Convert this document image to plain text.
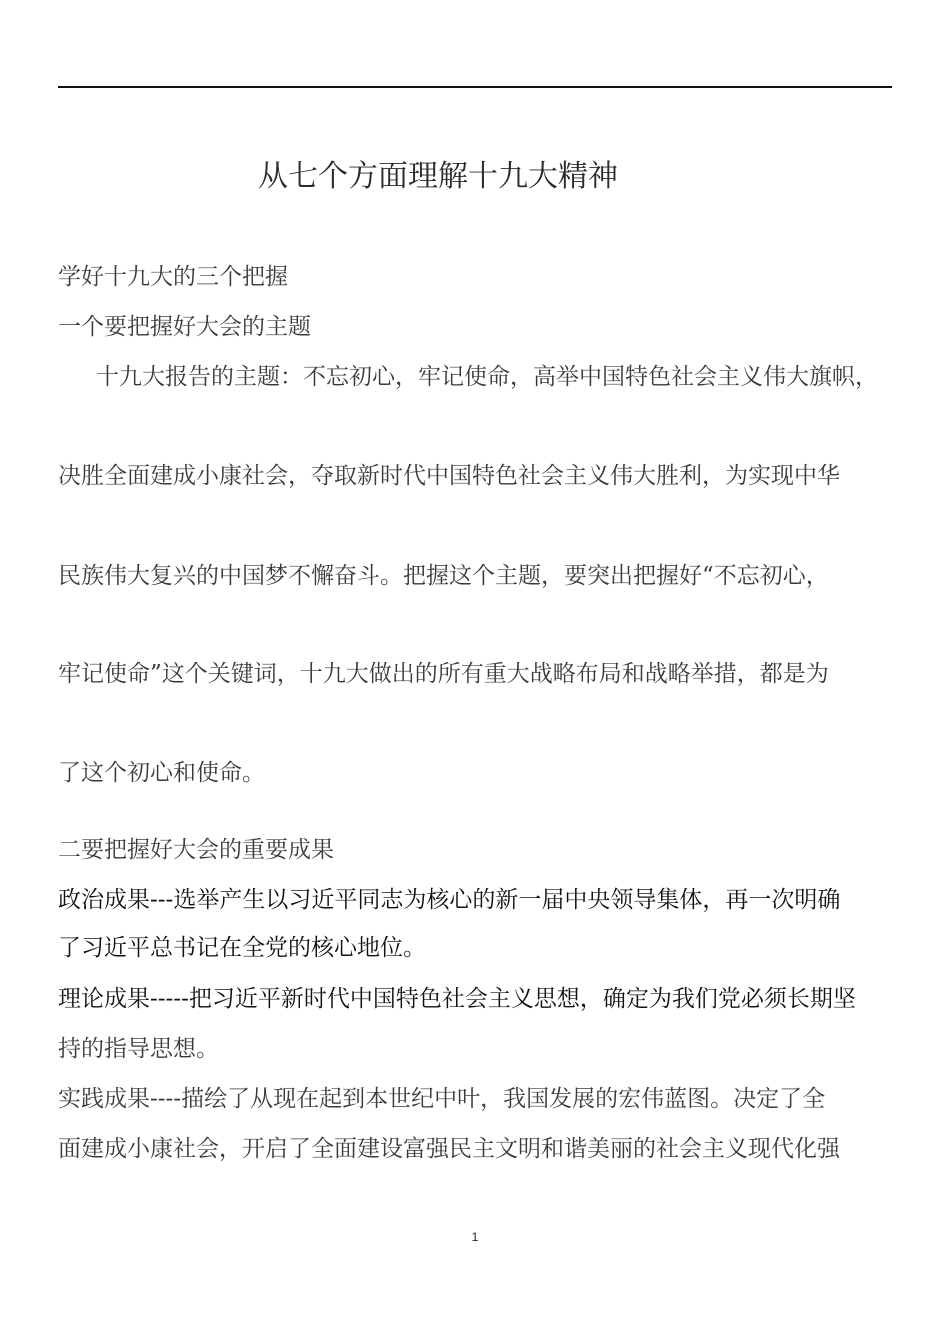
从七个方面理解十九大精神
学好十九大的三个把握
一个要把握好大会的主题
十九大报告的主题：不忘初心，牢记使命，高举中国特色社会主义伟大旗帜，
决胜全面建成小康社会，夺取新时代中国特色社会主义伟大胜利，为实现中华
民族伟大复兴的中国梦不懈奋斗。把握这个主题，要突出把握好“不忘初心，
牢记使命”这个关键词，十九大做出的所有重大战略布局和战略举措，都是为
了这个初心和使命。
二要把握好大会的重要成果
政治成果---选举产生以习近平同志为核心的新一届中央领导集体，再一次明确
了习近平总书记在全党的核心地位。
理论成果-----把习近平新时代中国特色社会主义思想，确定为我们党必须长期坚
持的指导思想。
实践成果----描绘了从现在起到本世纪中叶，我国发展的宏伟蓝图。决定了全
面建成小康社会，开启了全面建设富强民主文明和谐美丽的社会主义现代化强
1
